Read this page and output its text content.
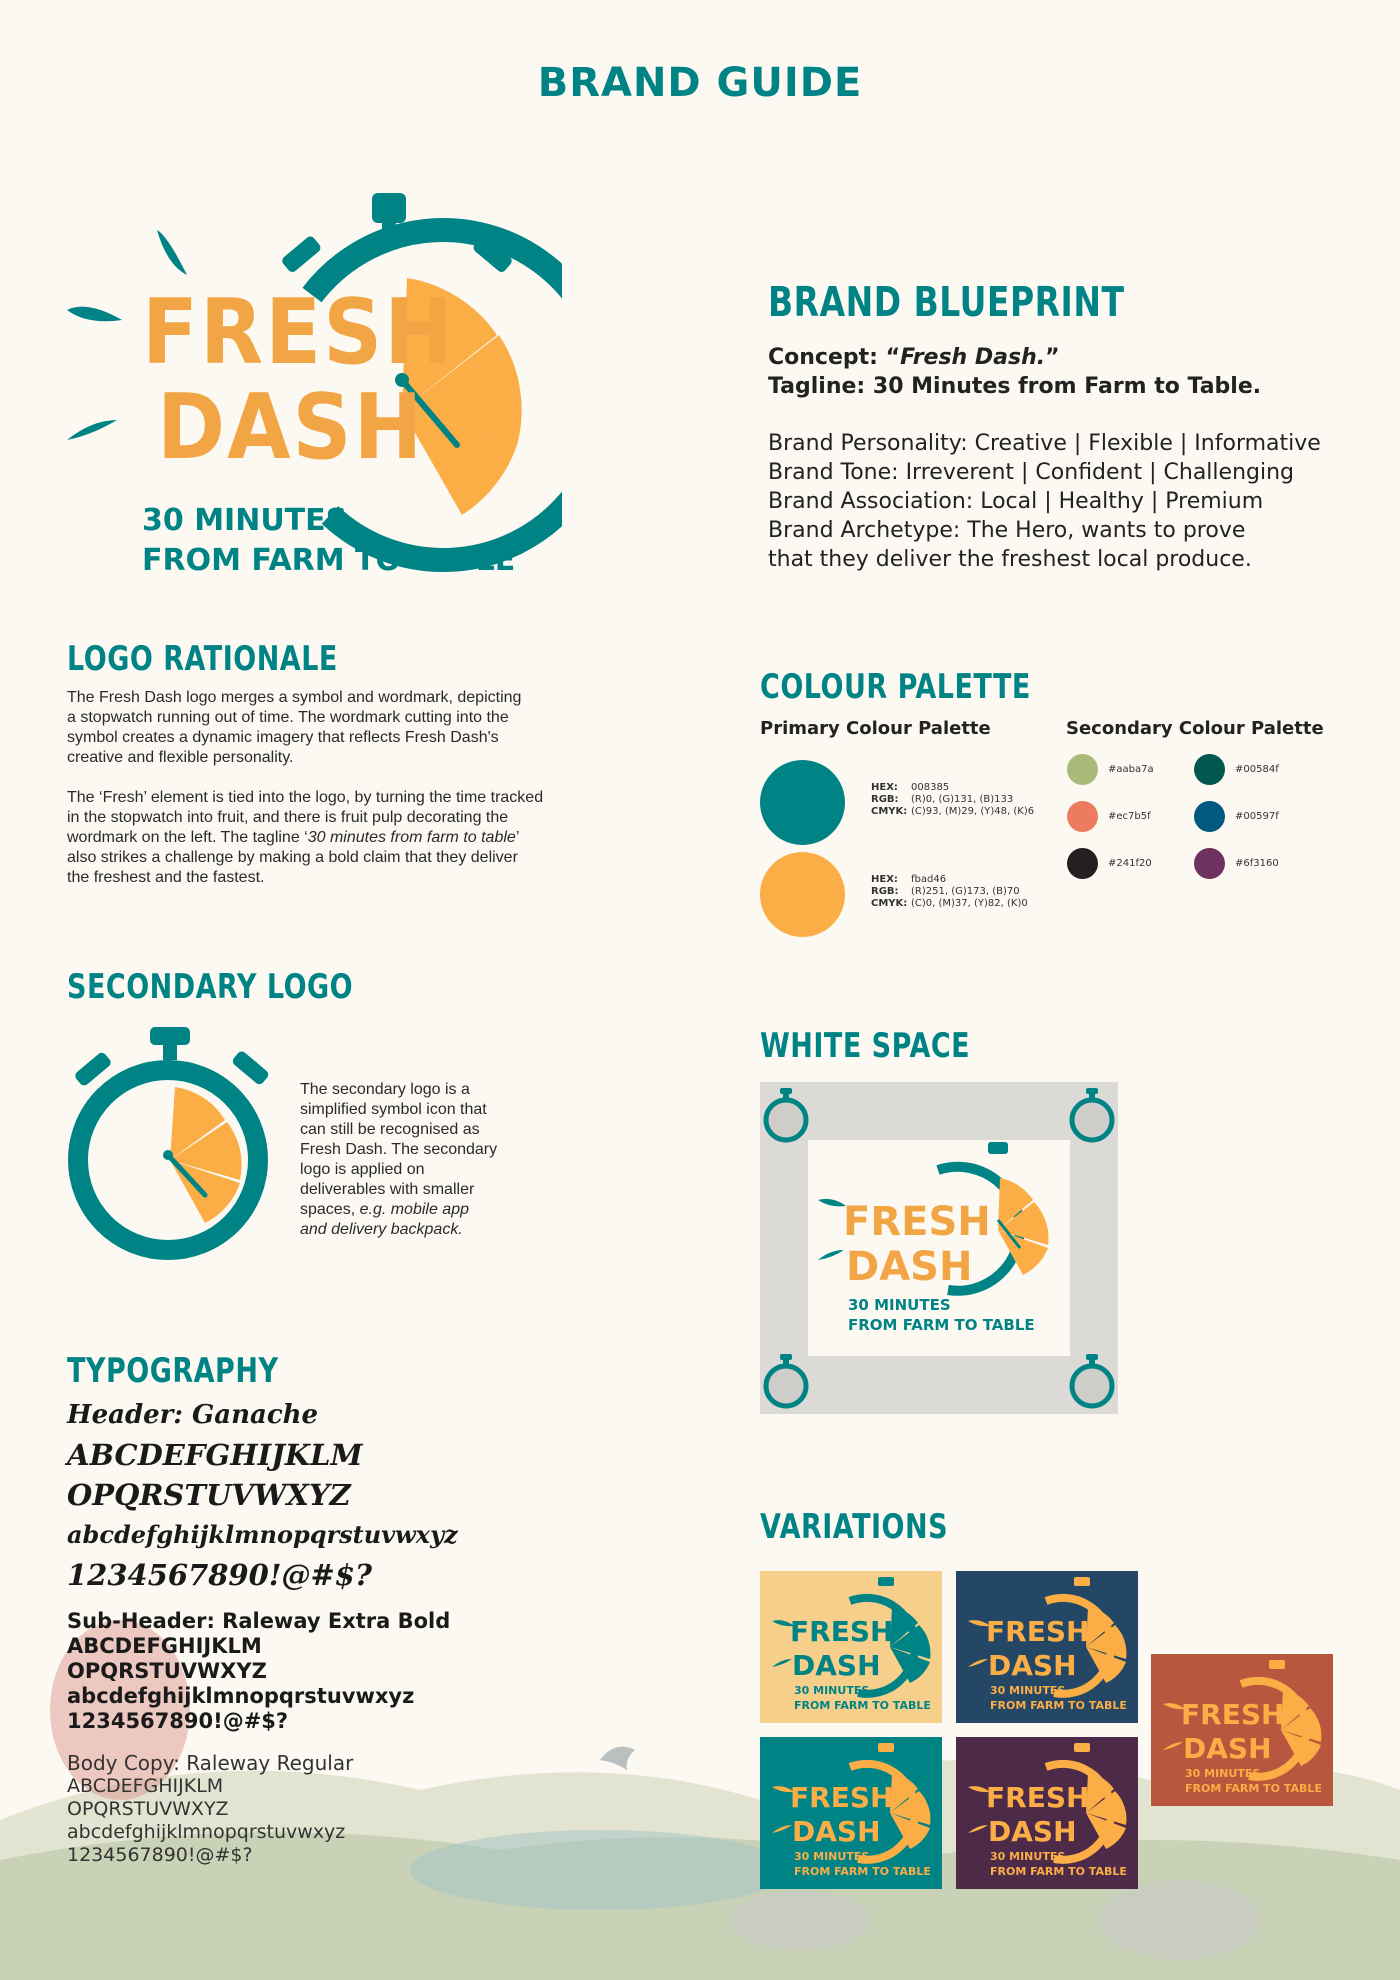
BRAND GUIDE
FRESH
DASH
30 MINUTES
FROM FARM TO TABLE
BRAND BLUEPRINT
Concept: “Fresh Dash.”
Tagline: 30 Minutes from Farm to Table.
Brand Personality: Creative | Flexible | Informative
Brand Tone: Irreverent | Confident | Challenging
Brand Association: Local | Healthy | Premium
Brand Archetype: The Hero, wants to prove
that they deliver the freshest local produce.
LOGO RATIONALE
The Fresh Dash logo merges a symbol and wordmark, depicting
a stopwatch running out of time. The wordmark cutting into the
symbol creates a dynamic imagery that reflects Fresh Dash's
creative and flexible personality.
The ‘Fresh’ element is tied into the logo, by turning the time tracked
in the stopwatch into fruit, and there is fruit pulp decorating the
wordmark on the left. The tagline ‘30 minutes from farm to table’
also strikes a challenge by making a bold claim that they deliver
the freshest and the fastest.
COLOUR PALETTE
Primary Colour Palette	Secondary Colour Palette
HEX: 008385
RGB: (R)0, (G)131, (B)133
CMYK: (C)93, (M)29, (Y)48, (K)6
HEX: fbad46
RGB: (R)251, (G)173, (B)70
CMYK: (C)0, (M)37, (Y)82, (K)0
#aaba7a	#00584f
#ec7b5f	#00597f
#241f20	#6f3160
SECONDARY LOGO
The secondary logo is a
simplified symbol icon that
can still be recognised as
Fresh Dash. The secondary
logo is applied on
deliverables with smaller
spaces, e.g. mobile app
and delivery backpack.
WHITE SPACE
FRESH
DASH
30 MINUTES
FROM FARM TO TABLE
TYPOGRAPHY
Header: Ganache
ABCDEFGHIJKLM
OPQRSTUVWXYZ
abcdefghijklmnopqrstuvwxyz
1234567890!@#$?
Sub-Header: Raleway Extra Bold
ABCDEFGHIJKLM
OPQRSTUVWXYZ
abcdefghijklmnopqrstuvwxyz
1234567890!@#$?
Body Copy: Raleway Regular
ABCDEFGHIJKLM
OPQRSTUVWXYZ
abcdefghijklmnopqrstuvwxyz
1234567890!@#$?
VARIATIONS
FRESH
DASH
30 MINUTES
FROM FARM TO TABLE
FRESH
DASH
30 MINUTES
FROM FARM TO TABLE FRESH
DASH
30 MINUTES
FROM FARM TO TABLE
FRESH
DASH
30 MINUTES
FROM FARM TO TABLE
FRESH
DASH
30 MINUTES
FROM FARM TO TABLE
